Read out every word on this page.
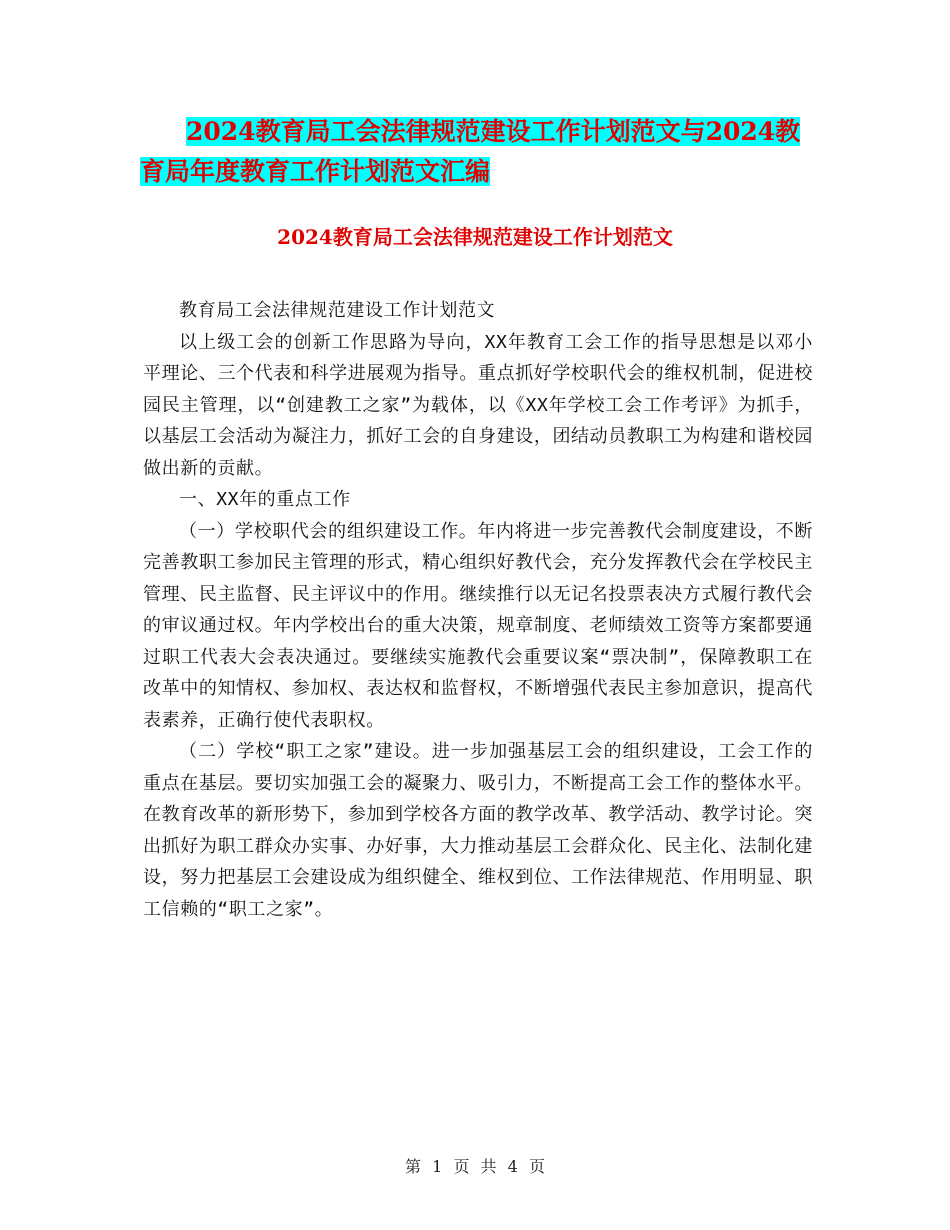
2024教育局工会法律规范建设工作计划范文与2024教
育局年度教育工作计划范文汇编
2024教育局工会法律规范建设工作计划范文

教育局工会法律规范建设工作计划范文

以上级工会的创新工作思路为导向，XX年教育工会工作的指导思想是以邓小平理论、三个代表和科学进展观为指导。重点抓好学校职代会的维权机制，促进校园民主管理，以“创建教工之家”为载体，以《XX年学校工会工作考评》为抓手，以基层工会活动为凝注力，抓好工会的自身建设，团结动员教职工为构建和谐校园做出新的贡献。

一、XX年的重点工作

（一）学校职代会的组织建设工作。年内将进一步完善教代会制度建设，不断完善教职工参加民主管理的形式，精心组织好教代会，充分发挥教代会在学校民主管理、民主监督、民主评议中的作用。继续推行以无记名投票表决方式履行教代会的审议通过权。年内学校出台的重大决策，规章制度、老师绩效工资等方案都要通过职工代表大会表决通过。要继续实施教代会重要议案“票决制”，保障教职工在改革中的知情权、参加权、表达权和监督权，不断增强代表民主参加意识，提高代表素养，正确行使代表职权。

（二）学校“职工之家”建设。进一步加强基层工会的组织建设，工会工作的重点在基层。要切实加强工会的凝聚力、吸引力，不断提高工会工作的整体水平。在教育改革的新形势下，参加到学校各方面的教学改革、教学活动、教学讨论。突出抓好为职工群众办实事、办好事，大力推动基层工会群众化、民主化、法制化建设，努力把基层工会建设成为组织健全、维权到位、工作法律规范、作用明显、职工信赖的“职工之家”。

第 1 页 共 4 页
